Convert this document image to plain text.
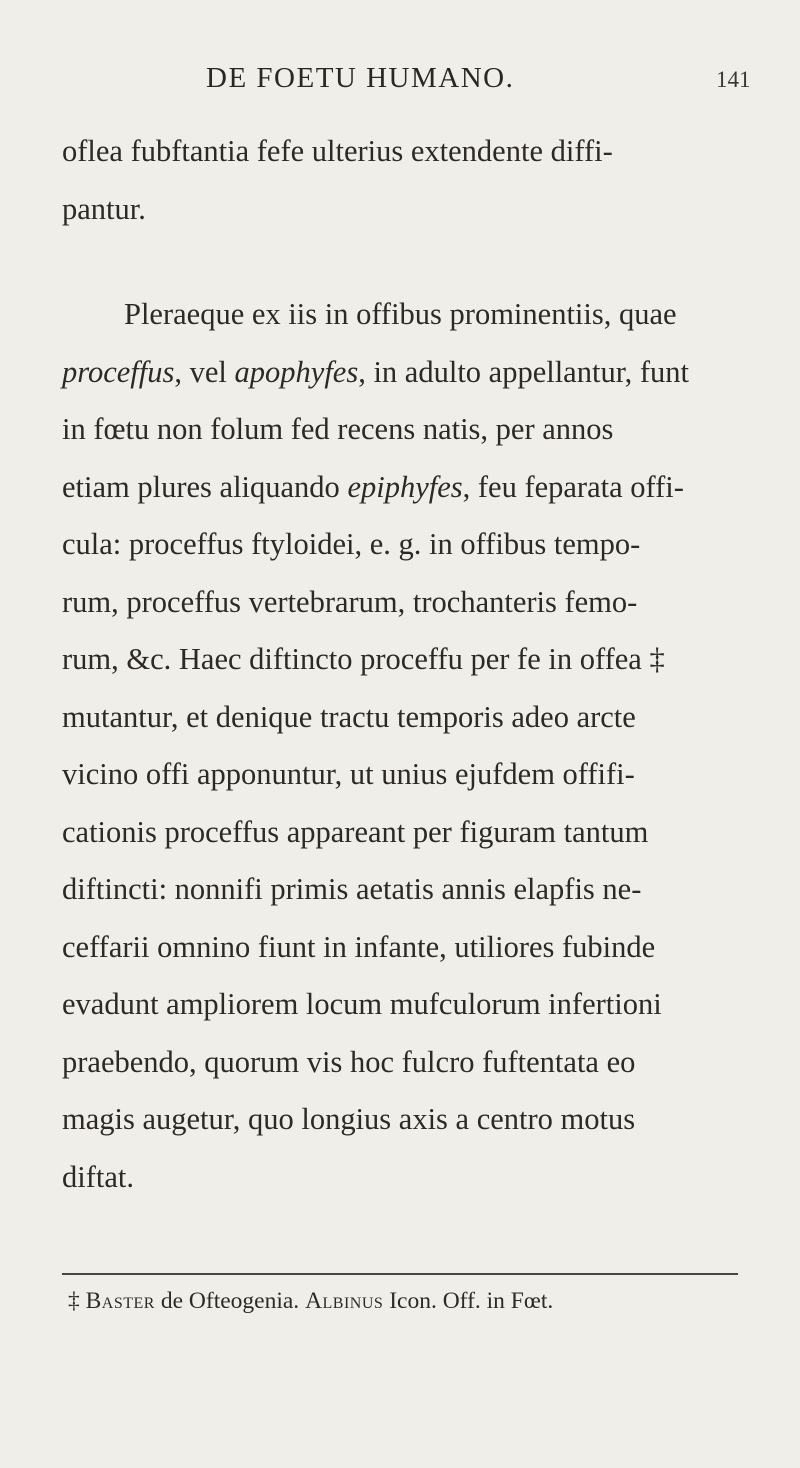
DE FOETU HUMANO.	141
oflea fubftantia fefe ulterius extendente diffi-
pantur.
Pleraeque ex iis in offibus prominentiis, quae
proceffus, vel apophyfes, in adulto appellantur, funt
in fœtu non folum fed recens natis, per annos
etiam plures aliquando epiphyfes, feu feparata offi-
cula: proceffus ftyloidei, e. g. in offibus tempo-
rum, proceffus vertebrarum, trochanteris femo-
rum, &c. Haec diftincto proceffu per fe in offea ‡
mutantur, et denique tractu temporis adeo arcte
vicino offi apponuntur, ut unius ejufdem offifi-
cationis proceffus appareant per figuram tantum
diftincti: nonnifi primis aetatis annis elapfis ne-
ceffarii omnino fiunt in infante, utiliores fubinde
evadunt ampliorem locum mufculorum infertioni
praebendo, quorum vis hoc fulcro fuftentata eo
magis augetur, quo longius axis a centro motus
diftat.
‡ Baster de Ofteogenia. Albinus Icon. Off. in Fœt.
